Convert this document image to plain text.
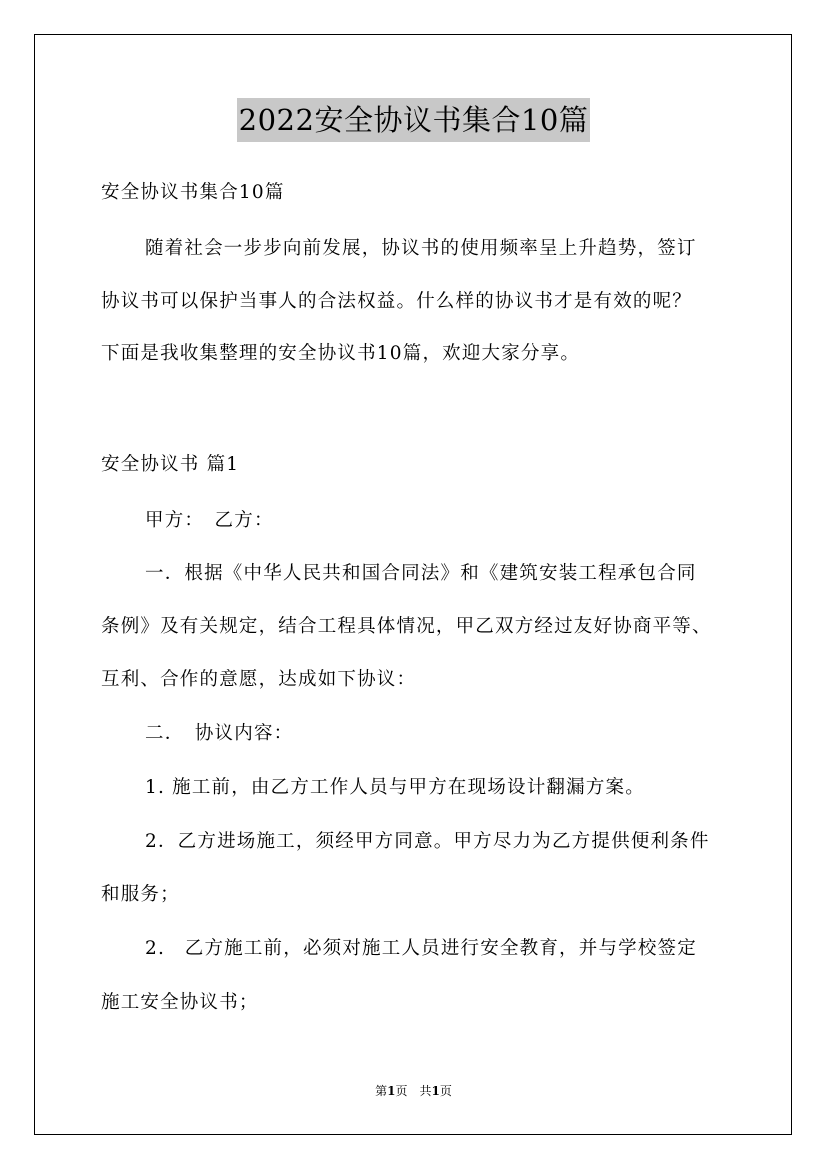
2022安全协议书集合10篇
安全协议书集合10篇
随着社会一步步向前发展，协议书的使用频率呈上升趋势，签订
协议书可以保护当事人的合法权益。什么样的协议书才是有效的呢？
下面是我收集整理的安全协议书10篇，欢迎大家分享。
安全协议书 篇1
甲方：　乙方：
一．根据《中华人民共和国合同法》和《建筑安装工程承包合同
条例》及有关规定，结合工程具体情况，甲乙双方经过友好协商平等、
互利、合作的意愿，达成如下协议：
二．　协议内容：
1. 施工前，由乙方工作人员与甲方在现场设计翻漏方案。
2．乙方进场施工，须经甲方同意。甲方尽力为乙方提供便利条件
和服务；
2.　乙方施工前，必须对施工人员进行安全教育，并与学校签定
施工安全协议书；
第1页　共1页
